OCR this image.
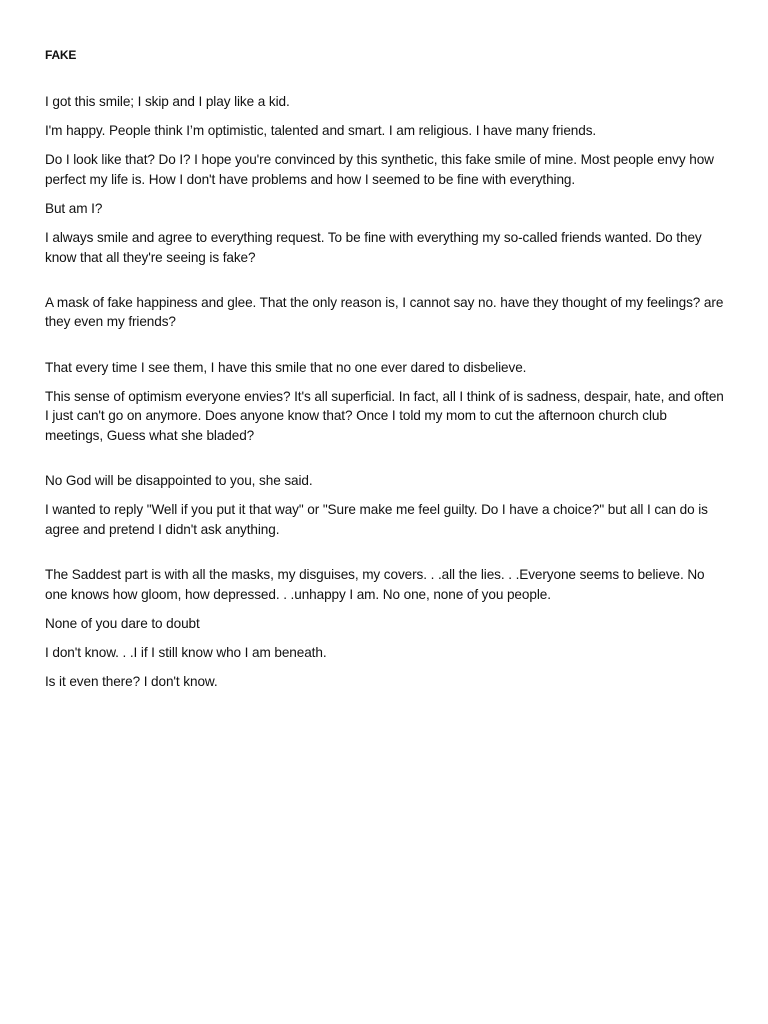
FAKE

I got this smile; I skip and I play like a kid.

I'm happy. People think I’m optimistic, talented and smart. I am religious. I have many friends.

Do I look like that? Do I? I hope you're convinced by this synthetic, this fake smile of mine. Most people envy how perfect my life is. How I don't have problems and how I seemed to be fine with everything.

But am I?

I always smile and agree to everything request. To be fine with everything my so-called friends wanted. Do they know that all they're seeing is fake?

A mask of fake happiness and glee. That the only reason is, I cannot say no. have they thought of my feelings? are they even my friends?

That every time I see them, I have this smile that no one ever dared to disbelieve.

This sense of optimism everyone envies? It's all superficial. In fact, all I think of is sadness, despair, hate, and often I just can't go on anymore. Does anyone know that? Once I told my mom to cut the afternoon church club meetings, Guess what she bladed?

No God will be disappointed to you, she said.

I wanted to reply "Well if you put it that way" or "Sure make me feel guilty. Do I have a choice?" but all I can do is agree and pretend I didn't ask anything.

The Saddest part is with all the masks, my disguises, my covers. . .all the lies. . .Everyone seems to believe. No one knows how gloom, how depressed. . .unhappy I am. No one, none of you people.

None of you dare to doubt

I don't know. . .I if I still know who I am beneath.

Is it even there? I don't know.
